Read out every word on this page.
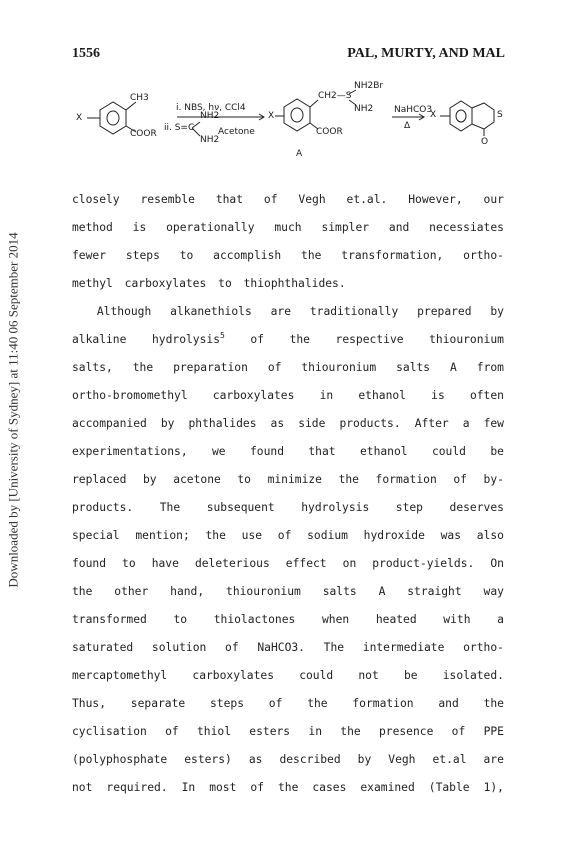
Downloaded by [University of Sydney] at 11:40 06 September 2014
1556	PAL, MURTY, AND MAL
X
CH3
COOR
i. NBS, hν, CCl4
ii. S=C
NH2
NH2
Acetone
X
CH2—S
NH2Br
NH2
COOR
A
NaHCO3
Δ
X	S
O
closely resemble that of Vegh et.al. However, our
method is operationally much simpler and necessiates
fewer steps to accomplish the transformation, ortho-
methyl carboxylates to thiophthalides.
Although alkanethiols are traditionally prepared by
alkaline hydrolysis$^5$ of the respective thiouronium
salts, the preparation of thiouronium salts A from
ortho-bromomethyl carboxylates in ethanol is often
accompanied by phthalides as side products. After a few
experimentations, we found that ethanol could be
replaced by acetone to minimize the formation of by-
products. The subsequent hydrolysis step deserves
special mention; the use of sodium hydroxide was also
found to have deleterious effect on product-yields. On
the other hand, thiouronium salts A straight way
transformed to thiolactones when heated with a
saturated solution of NaHCO3. The intermediate ortho-
mercaptomethyl carboxylates could not be isolated.
Thus, separate steps of the formation and the
cyclisation of thiol esters in the presence of PPE
(polyphosphate esters) as described by Vegh et.al are
not required. In most of the cases examined (Table 1),
